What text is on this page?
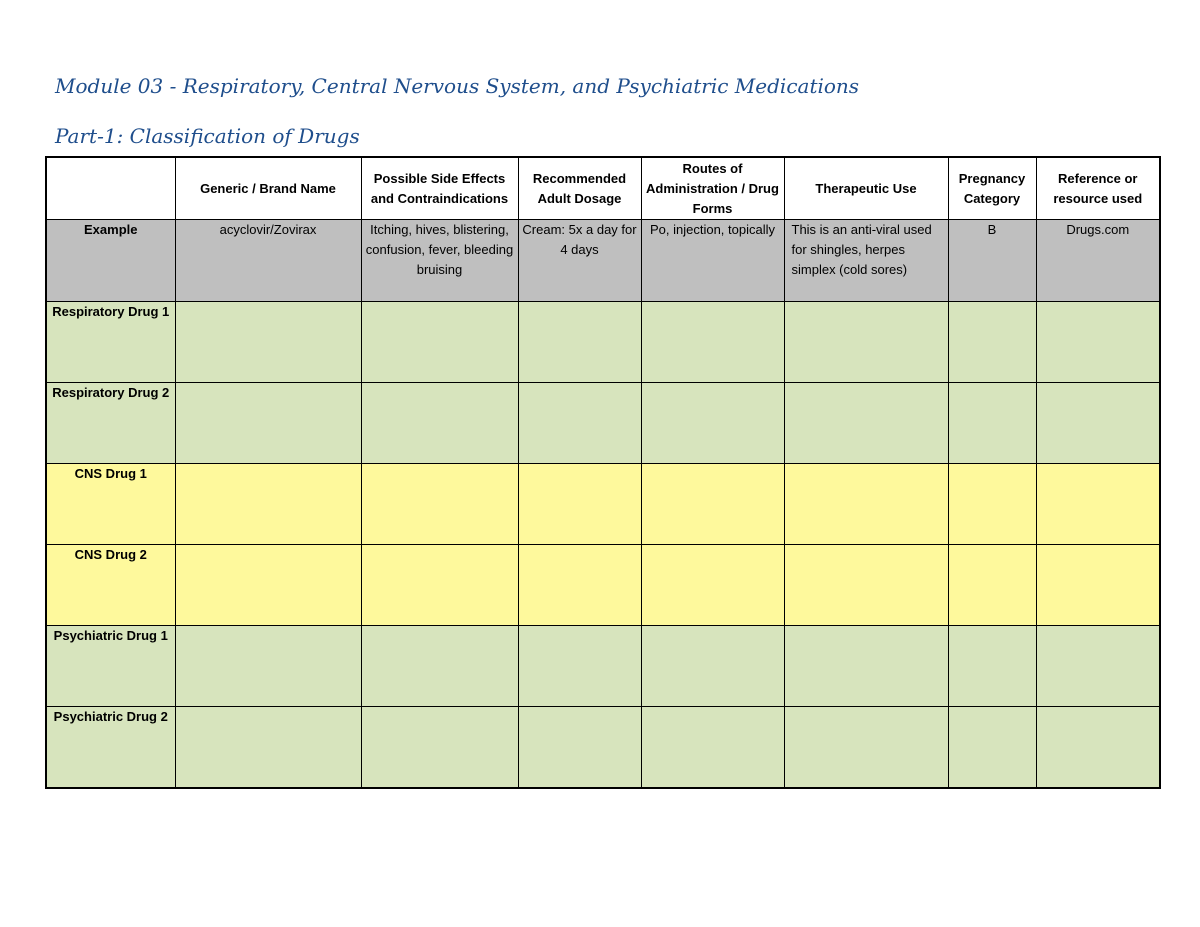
Module 03 - Respiratory, Central Nervous System, and Psychiatric Medications
Part-1: Classification of Drugs
	Generic / Brand Name	Possible Side Effects and Contraindications	Recommended Adult Dosage	Routes of Administration / Drug Forms	Therapeutic Use	Pregnancy Category	Reference or resource used
Example	acyclovir/Zovirax	Itching, hives, blistering, confusion, fever, bleeding bruising	Cream: 5x a day for 4 days	Po, injection, topically	This is an anti-viral used for shingles, herpes simplex (cold sores)	B	Drugs.com
Respiratory Drug 1							
Respiratory Drug 2							
CNS Drug 1							
CNS Drug 2							
Psychiatric Drug 1							
Psychiatric Drug 2							
